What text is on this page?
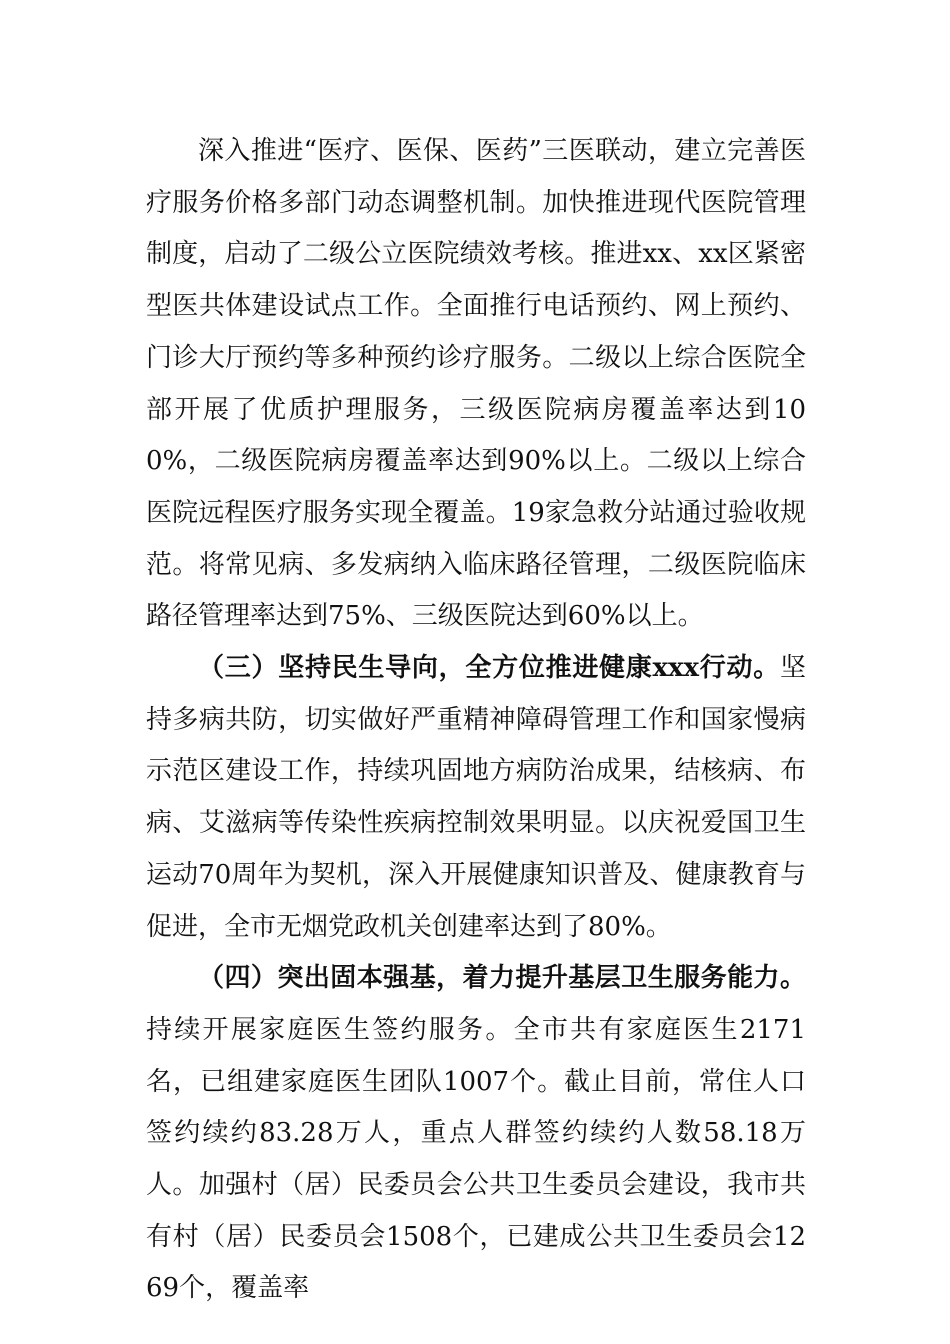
深入推进“医疗、医保、医药”三医联动，建立完善医疗服务价格多部门动态调整机制。加快推进现代医院管理制度，启动了二级公立医院绩效考核。推进xx、xx区紧密型医共体建设试点工作。全面推行电话预约、网上预约、门诊大厅预约等多种预约诊疗服务。二级以上综合医院全部开展了优质护理服务，三级医院病房覆盖率达到100%，二级医院病房覆盖率达到90%以上。二级以上综合医院远程医疗服务实现全覆盖。19家急救分站通过验收规范。将常见病、多发病纳入临床路径管理，二级医院临床路径管理率达到75%、三级医院达到60%以上。

（三）坚持民生导向，全方位推进健康xxx行动。坚持多病共防，切实做好严重精神障碍管理工作和国家慢病示范区建设工作，持续巩固地方病防治成果，结核病、布病、艾滋病等传染性疾病控制效果明显。以庆祝爱国卫生运动70周年为契机，深入开展健康知识普及、健康教育与促进，全市无烟党政机关创建率达到了80%。

（四）突出固本强基，着力提升基层卫生服务能力。持续开展家庭医生签约服务。全市共有家庭医生2171名，已组建家庭医生团队1007个。截止目前，常住人口签约续约83.28万人，重点人群签约续约人数58.18万人。加强村（居）民委员会公共卫生委员会建设，我市共有村（居）民委员会1508个，已建成公共卫生委员会1269个，覆盖率
